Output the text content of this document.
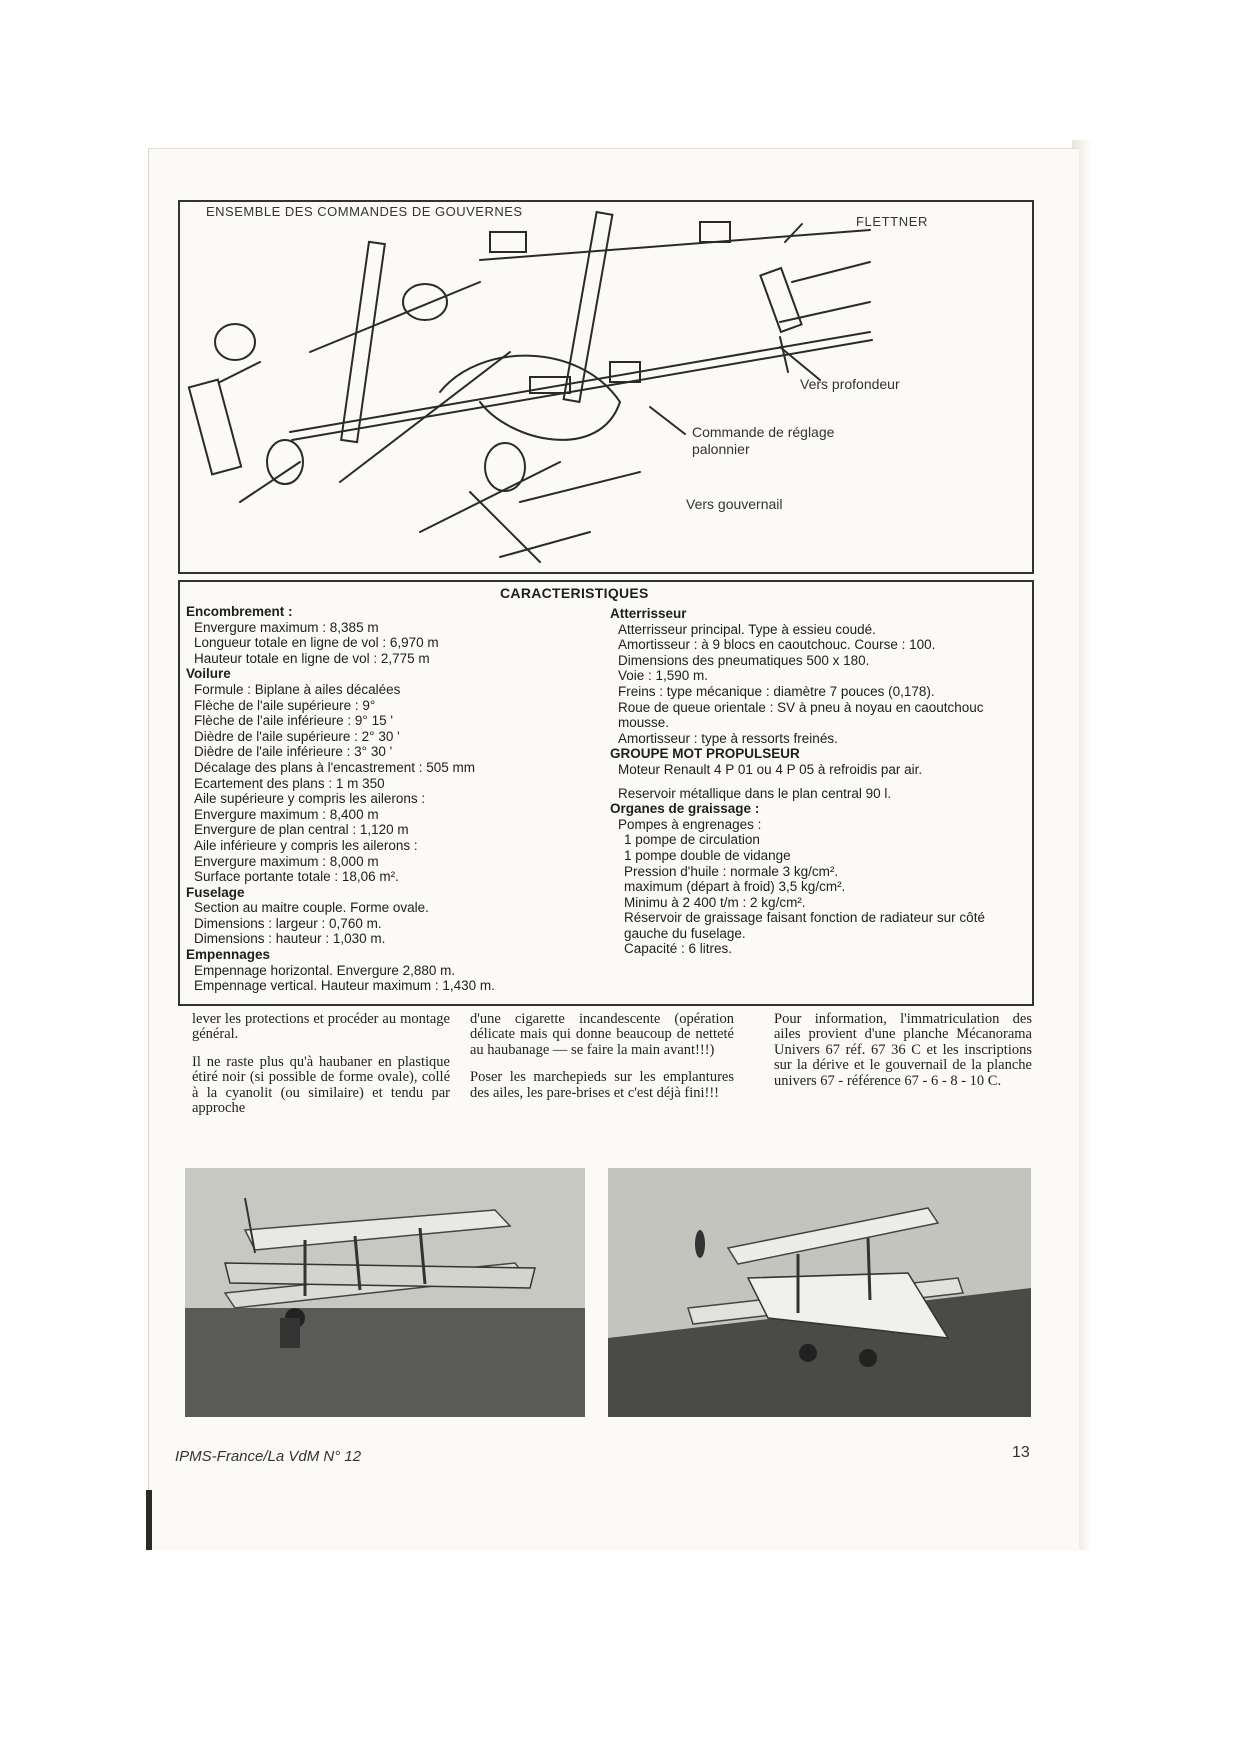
ENSEMBLE DES COMMANDES DE GOUVERNES
FLETTNER
Vers profondeur
Commande de réglage palonnier
Vers gouvernail
CARACTERISTIQUES
Encombrement :
Envergure maximum : 8,385 m
Longueur totale en ligne de vol : 6,970 m
Hauteur totale en ligne de vol : 2,775 m
Voilure
Formule : Biplane à ailes décalées
Flèche de l'aile supérieure : 9°
Flèche de l'aile inférieure : 9° 15 '
Dièdre de l'aile supérieure : 2° 30 '
Dièdre de l'aile inférieure : 3° 30 '
Décalage des plans à l'encastrement : 505 mm
Ecartement des plans : 1 m 350
Aile supérieure y compris les ailerons :
Envergure maximum : 8,400 m
Envergure de plan central : 1,120 m
Aile inférieure y compris les ailerons :
Envergure maximum : 8,000 m
Surface portante totale : 18,06 m².
Fuselage
Section au maitre couple. Forme ovale.
Dimensions : largeur : 0,760 m.
Dimensions : hauteur : 1,030 m.
Empennages
Empennage horizontal. Envergure 2,880 m.
Empennage vertical. Hauteur maximum : 1,430 m.
Atterrisseur
Atterrisseur principal. Type à essieu coudé.
Amortisseur : à 9 blocs en caoutchouc. Course : 100.
Dimensions des pneumatiques 500 x 180.
Voie : 1,590 m.
Freins : type mécanique : diamètre 7 pouces (0,178).
Roue de queue orientale : SV à pneu à noyau en caoutchouc mousse.
Amortisseur : type à ressorts freinés.
GROUPE MOT PROPULSEUR
Moteur Renault 4 P 01 ou 4 P 05 à refroidis par air.
Reservoir métallique dans le plan central 90 l.
Organes de graissage :
Pompes à engrenages :
1 pompe de circulation
1 pompe double de vidange
Pression d'huile : normale 3 kg/cm².
maximum (départ à froid) 3,5 kg/cm².
Minimu à 2 400 t/m : 2 kg/cm².
Réservoir de graissage faisant fonction de radiateur sur côté gauche du fuselage.
Capacité : 6 litres.

lever les protections et procéder au montage général.

Il ne raste plus qu'à haubaner en plastique étiré noir (si possible de forme ovale), collé à la cyanolit (ou similaire) et tendu par approche

d'une cigarette incandescente (opération délicate mais qui donne beaucoup de netteté au haubanage — se faire la main avant!!!)

Poser les marchepieds sur les emplantures des ailes, les pare-brises et c'est déjà fini!!!

Pour information, l'immatriculation des ailes provient d'une planche Mécanorama Univers 67 réf. 67 36 C et les inscriptions sur la dérive et le gouvernail de la planche univers 67 - référence 67 - 6 - 8 - 10 C.

IPMS-France/La VdM N° 12	13
